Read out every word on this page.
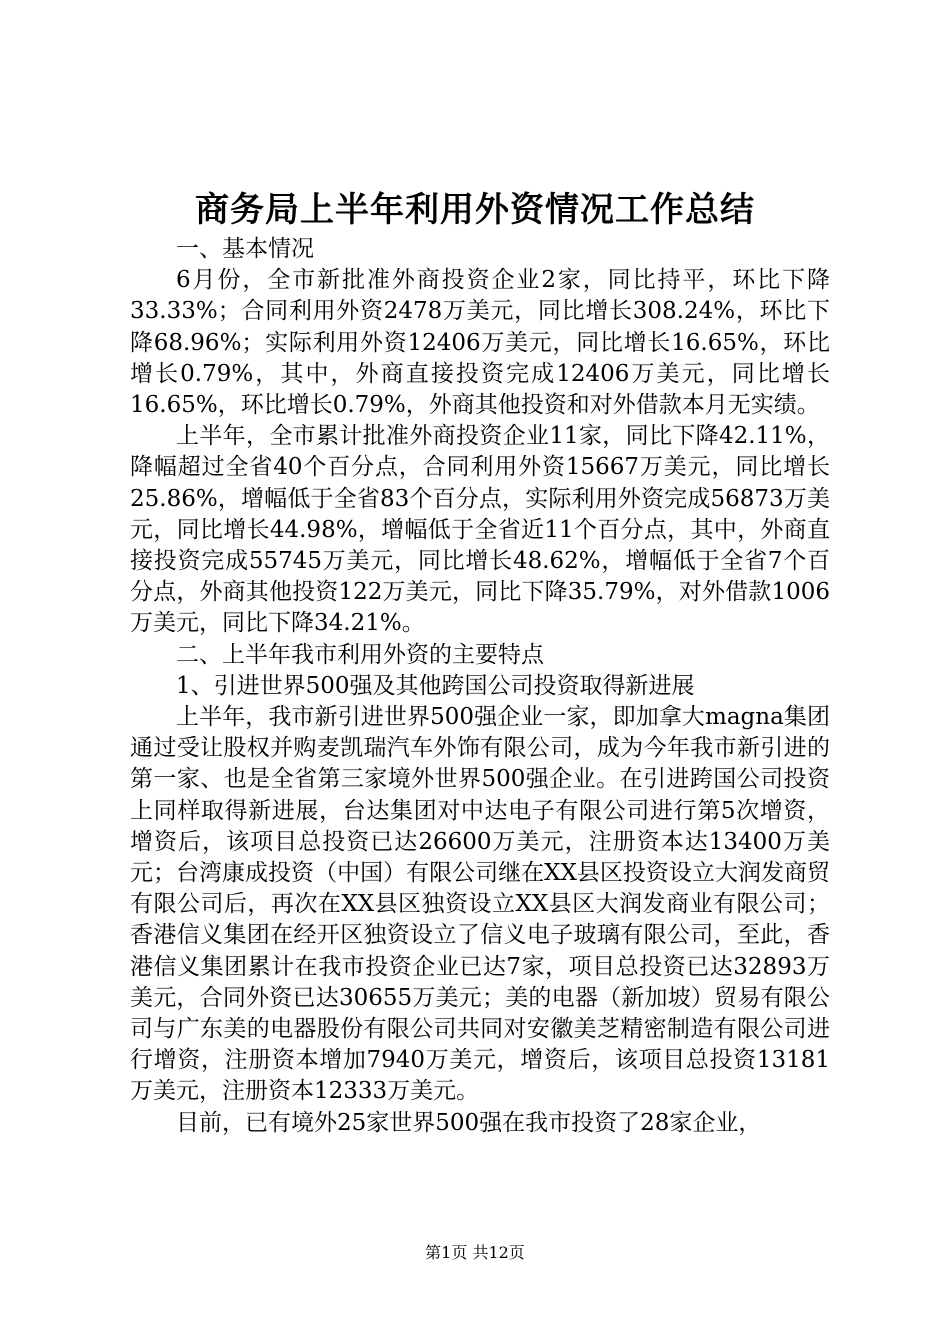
商务局上半年利用外资情况工作总结

一、基本情况

6月份，全市新批准外商投资企业2家，同比持平，环比下降33.33%；合同利用外资2478万美元，同比增长308.24%，环比下降68.96%；实际利用外资12406万美元，同比增长16.65%，环比增长0.79%，其中，外商直接投资完成12406万美元，同比增长16.65%，环比增长0.79%，外商其他投资和对外借款本月无实绩。

上半年，全市累计批准外商投资企业11家，同比下降42.11%，降幅超过全省40个百分点，合同利用外资15667万美元，同比增长25.86%，增幅低于全省83个百分点，实际利用外资完成56873万美元，同比增长44.98%，增幅低于全省近11个百分点，其中，外商直接投资完成55745万美元，同比增长48.62%，增幅低于全省7个百分点，外商其他投资122万美元，同比下降35.79%，对外借款1006万美元，同比下降34.21%。

二、上半年我市利用外资的主要特点

1、引进世界500强及其他跨国公司投资取得新进展

上半年，我市新引进世界500强企业一家，即加拿大magna集团通过受让股权并购麦凯瑞汽车外饰有限公司，成为今年我市新引进的第一家、也是全省第三家境外世界500强企业。在引进跨国公司投资上同样取得新进展，台达集团对中达电子有限公司进行第5次增资，增资后，该项目总投资已达26600万美元，注册资本达13400万美元；台湾康成投资（中国）有限公司继在XX县区投资设立大润发商贸有限公司后，再次在XX县区独资设立XX县区大润发商业有限公司；香港信义集团在经开区独资设立了信义电子玻璃有限公司，至此，香港信义集团累计在我市投资企业已达7家，项目总投资已达32893万美元，合同外资已达30655万美元；美的电器（新加坡）贸易有限公司与广东美的电器股份有限公司共同对安徽美芝精密制造有限公司进行增资，注册资本增加7940万美元，增资后，该项目总投资13181万美元，注册资本12333万美元。

目前，已有境外25家世界500强在我市投资了28家企业，

第1页 共12页
